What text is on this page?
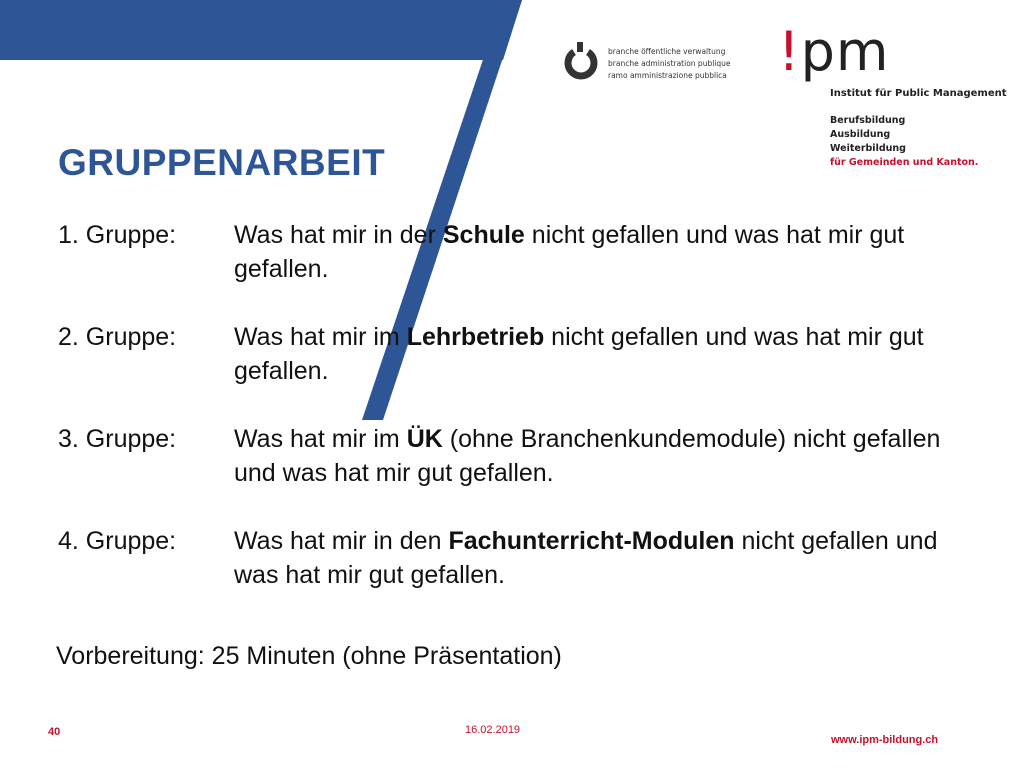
branche öffentliche verwaltung
branche administration publique
ramo amministrazione pubblica !pm
Institut für Public Management
Berufsbildung
Ausbildung
Weiterbildung
für Gemeinden und Kanton.
GRUPPENARBEIT
1. Gruppe: Was hat mir in der Schule nicht gefallen und was hat mir gut gefallen.
2. Gruppe: Was hat mir im Lehrbetrieb nicht gefallen und was hat mir gut gefallen.
3. Gruppe: Was hat mir im ÜK (ohne Branchenkundemodule) nicht gefallen und was hat mir gut gefallen.
4. Gruppe: Was hat mir in den Fachunterricht-Modulen nicht gefallen und was hat mir gut gefallen.
Vorbereitung: 25 Minuten (ohne Präsentation)
40	16.02.2019
www.ipm-bildung.ch
